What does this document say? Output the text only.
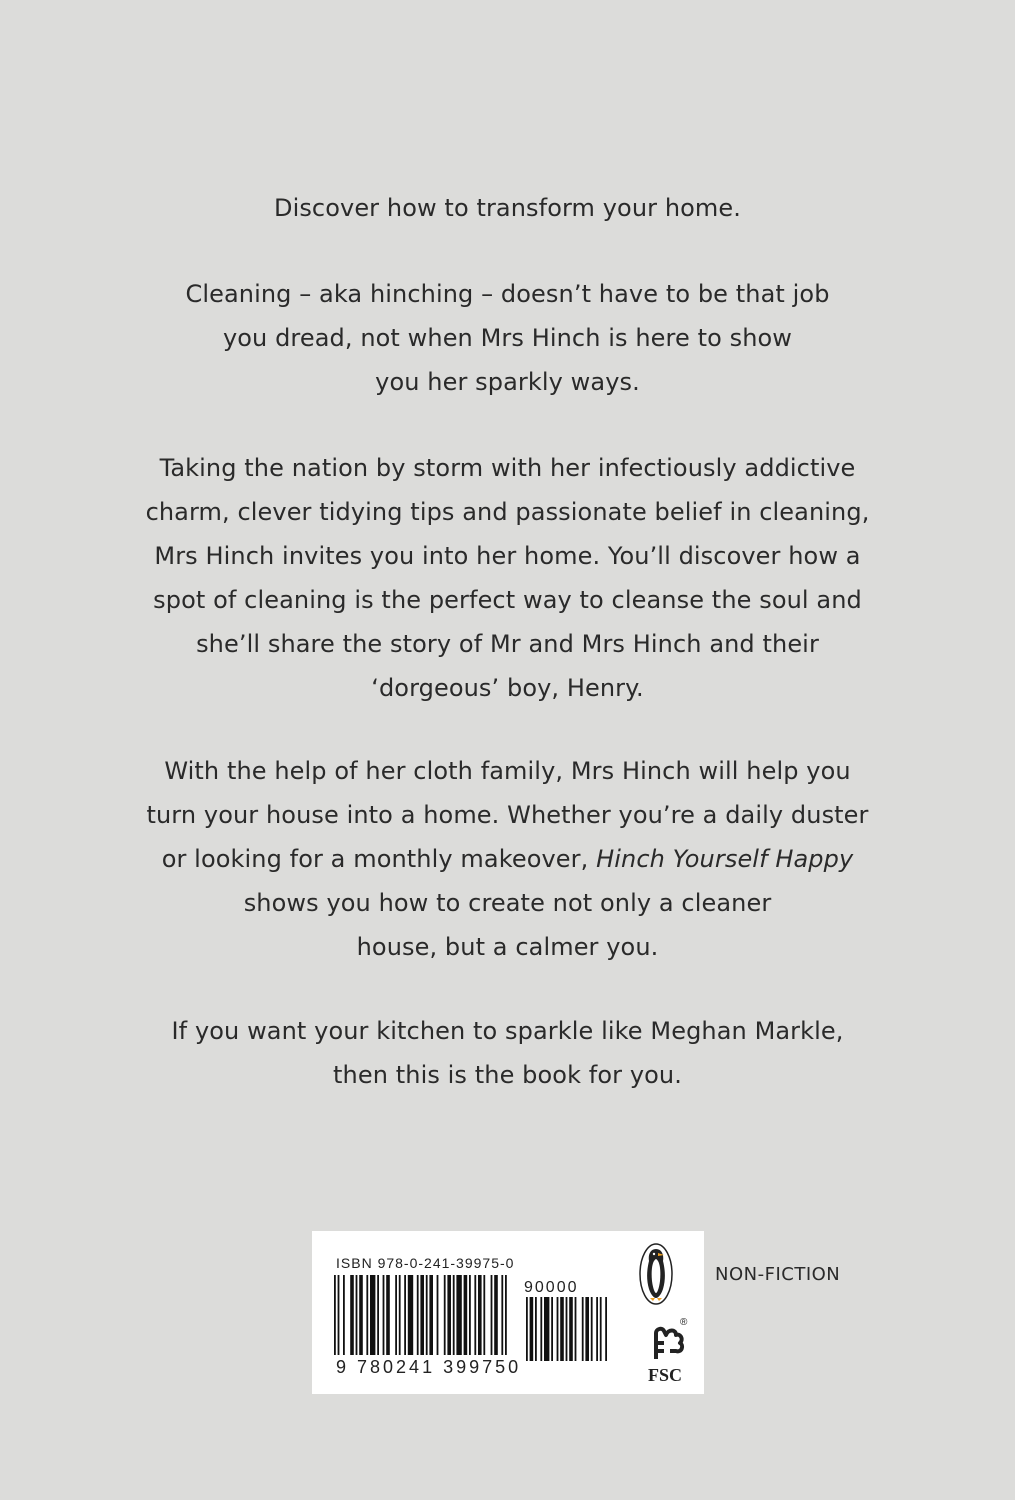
Discover how to transform your home.
Cleaning – aka hinching – doesn’t have to be that job
you dread, not when Mrs Hinch is here to show
you her sparkly ways.
Taking the nation by storm with her infectiously addictive
charm, clever tidying tips and passionate belief in cleaning,
Mrs Hinch invites you into her home. You’ll discover how a
spot of cleaning is the perfect way to cleanse the soul and
she’ll share the story of Mr and Mrs Hinch and their
‘dorgeous’ boy, Henry.
With the help of her cloth family, Mrs Hinch will help you
turn your house into a home. Whether you’re a daily duster
or looking for a monthly makeover, Hinch Yourself Happy
shows you how to create not only a cleaner
house, but a calmer you.
If you want your kitchen to sparkle like Meghan Markle,
then this is the book for you.
ISBN 978-0-241-39975-0
90000
9 780241 399750
®
FSC
NON-FICTION
